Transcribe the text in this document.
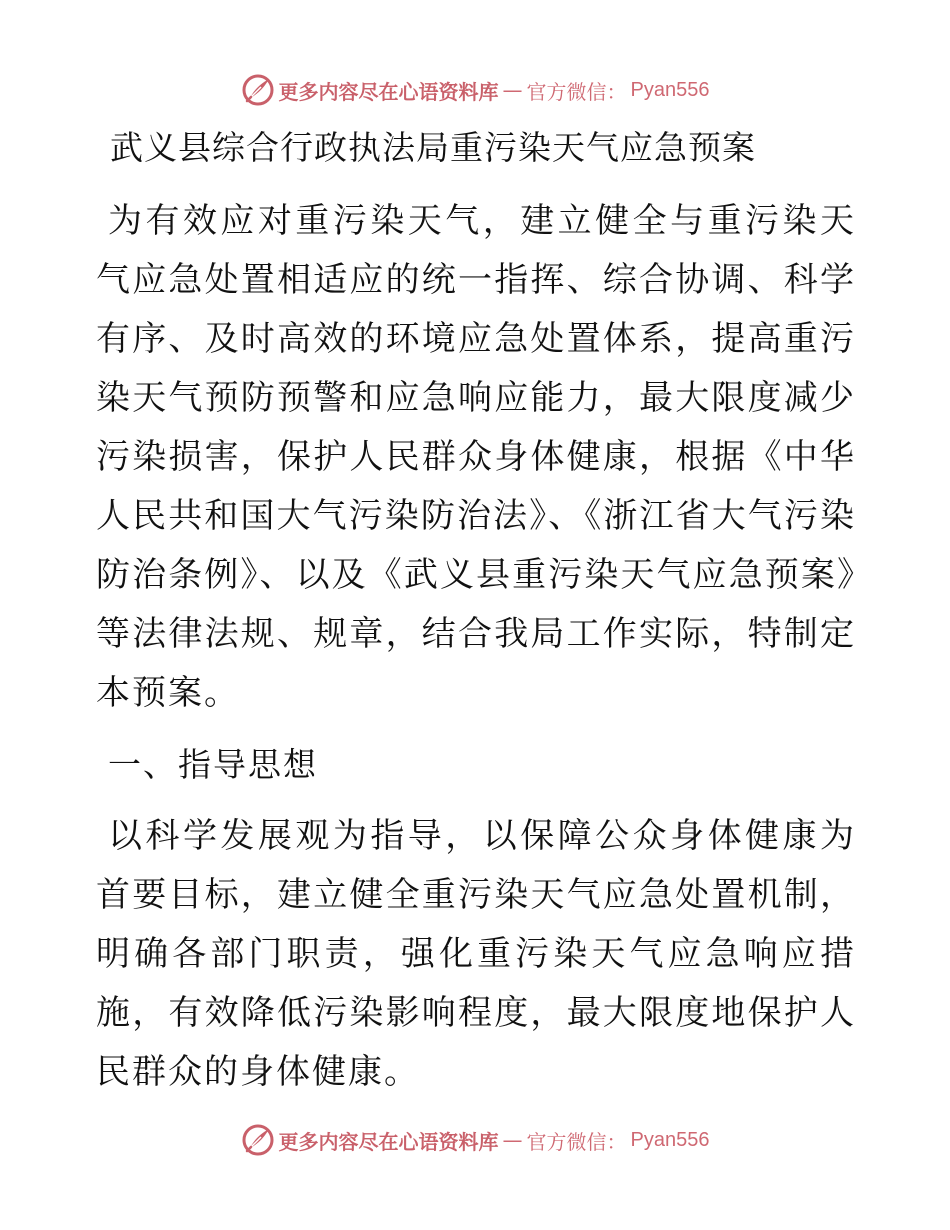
更多内容尽在心语资料库 — 官方微信： Pyan556
武义县综合行政执法局重污染天气应急预案

为有效应对重污染天气，建立健全与重污染天气应急处置相适应的统一指挥、综合协调、科学有序、及时高效的环境应急处置体系，提高重污染天气预防预警和应急响应能力，最大限度减少污染损害，保护人民群众身体健康，根据《中华人民共和国大气污染防治法》、《浙江省大气污染防治条例》、以及《武义县重污染天气应急预案》等法律法规、规章，结合我局工作实际，特制定本预案。

一、指导思想

以科学发展观为指导，以保障公众身体健康为首要目标，建立健全重污染天气应急处置机制，明确各部门职责，强化重污染天气应急响应措施，有效降低污染影响程度，最大限度地保护人民群众的身体健康。

更多内容尽在心语资料库 — 官方微信： Pyan556
